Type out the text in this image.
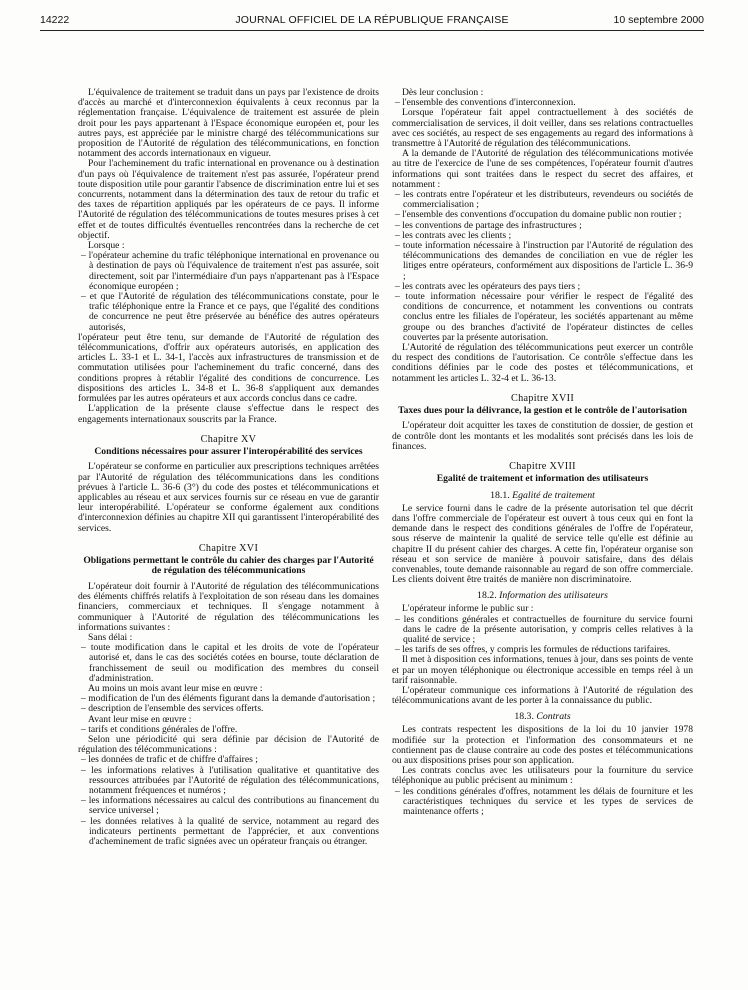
14222	JOURNAL OFFICIEL DE LA RÉPUBLIQUE FRANÇAISE	10 septembre 2000

L'équivalence de traitement se traduit dans un pays par l'existence de droits d'accès au marché et d'interconnexion équivalents à ceux reconnus par la réglementation française. L'équivalence de traitement est assurée de plein droit pour les pays appartenant à l'Espace économique européen et, pour les autres pays, est appréciée par le ministre chargé des télécommunications sur proposition de l'Autorité de régulation des télécommunications, en fonction notamment des accords internationaux en vigueur.

Pour l'acheminement du trafic international en provenance ou à destination d'un pays où l'équivalence de traitement n'est pas assurée, l'opérateur prend toute disposition utile pour garantir l'absence de discrimination entre lui et ses concurrents, notamment dans la détermination des taux de retour du trafic et des taxes de répartition appliqués par les opérateurs de ce pays. Il informe l'Autorité de régulation des télécommunications de toutes mesures prises à cet effet et de toutes difficultés éventuelles rencontrées dans la recherche de cet objectif.

Lorsque :

– l'opérateur achemine du trafic téléphonique international en provenance ou à destination de pays où l'équivalence de traitement n'est pas assurée, soit directement, soit par l'intermédiaire d'un pays n'appartenant pas à l'Espace économique européen ;
– et que l'Autorité de régulation des télécommunications constate, pour le trafic téléphonique entre la France et ce pays, que l'égalité des conditions de concurrence ne peut être préservée au bénéfice des autres opérateurs autorisés,

l'opérateur peut être tenu, sur demande de l'Autorité de régulation des télécommunications, d'offrir aux opérateurs autorisés, en application des articles L. 33-1 et L. 34-1, l'accès aux infrastructures de transmission et de commutation utilisées pour l'acheminement du trafic concerné, dans des conditions propres à rétablir l'égalité des conditions de concurrence. Les dispositions des articles L. 34-8 et L. 36-8 s'appliquent aux demandes formulées par les autres opérateurs et aux accords conclus dans ce cadre.

L'application de la présente clause s'effectue dans le respect des engagements internationaux souscrits par la France.

Chapitre XV
Conditions nécessaires pour assurer l'interopérabilité des services

L'opérateur se conforme en particulier aux prescriptions techniques arrêtées par l'Autorité de régulation des télécommunications dans les conditions prévues à l'article L. 36-6 (3°) du code des postes et télécommunications et applicables au réseau et aux services fournis sur ce réseau en vue de garantir leur interopérabilité. L'opérateur se conforme également aux conditions d'interconnexion définies au chapitre XII qui garantissent l'interopérabilité des services.

Chapitre XVI
Obligations permettant le contrôle du cahier des charges par l'Autorité de régulation des télécommunications

L'opérateur doit fournir à l'Autorité de régulation des télécommunications des éléments chiffrés relatifs à l'exploitation de son réseau dans les domaines financiers, commerciaux et techniques. Il s'engage notamment à communiquer à l'Autorité de régulation des télécommunications les informations suivantes :

Sans délai :

– toute modification dans le capital et les droits de vote de l'opérateur autorisé et, dans le cas des sociétés cotées en bourse, toute déclaration de franchissement de seuil ou modification des membres du conseil d'administration.

Au moins un mois avant leur mise en œuvre :

– modification de l'un des éléments figurant dans la demande d'autorisation ;
– description de l'ensemble des services offerts.

Avant leur mise en œuvre :

– tarifs et conditions générales de l'offre.

Selon une périodicité qui sera définie par décision de l'Autorité de régulation des télécommunications :

– les données de trafic et de chiffre d'affaires ;
– les informations relatives à l'utilisation qualitative et quantitative des ressources attribuées par l'Autorité de régulation des télécommunications, notamment fréquences et numéros ;
– les informations nécessaires au calcul des contributions au financement du service universel ;
– les données relatives à la qualité de service, notamment au regard des indicateurs pertinents permettant de l'apprécier, et aux conventions d'acheminement de trafic signées avec un opérateur français ou étranger.

Dès leur conclusion :

– l'ensemble des conventions d'interconnexion.

Lorsque l'opérateur fait appel contractuellement à des sociétés de commercialisation de services, il doit veiller, dans ses relations contractuelles avec ces sociétés, au respect de ses engagements au regard des informations à transmettre à l'Autorité de régulation des télécommunications.

A la demande de l'Autorité de régulation des télécommunications motivée au titre de l'exercice de l'une de ses compétences, l'opérateur fournit d'autres informations qui sont traitées dans le respect du secret des affaires, et notamment :

– les contrats entre l'opérateur et les distributeurs, revendeurs ou sociétés de commercialisation ;
– l'ensemble des conventions d'occupation du domaine public non routier ;
– les conventions de partage des infrastructures ;
– les contrats avec les clients ;
– toute information nécessaire à l'instruction par l'Autorité de régulation des télécommunications des demandes de conciliation en vue de régler les litiges entre opérateurs, conformément aux dispositions de l'article L. 36-9 ;
– les contrats avec les opérateurs des pays tiers ;
– toute information nécessaire pour vérifier le respect de l'égalité des conditions de concurrence, et notamment les conventions ou contrats conclus entre les filiales de l'opérateur, les sociétés appartenant au même groupe ou des branches d'activité de l'opérateur distinctes de celles couvertes par la présente autorisation.

L'Autorité de régulation des télécommunications peut exercer un contrôle du respect des conditions de l'autorisation. Ce contrôle s'effectue dans les conditions définies par le code des postes et télécommunications, et notamment les articles L. 32-4 et L. 36-13.

Chapitre XVII
Taxes dues pour la délivrance, la gestion et le contrôle de l'autorisation

L'opérateur doit acquitter les taxes de constitution de dossier, de gestion et de contrôle dont les montants et les modalités sont précisés dans les lois de finances.

Chapitre XVIII
Egalité de traitement et information des utilisateurs
18.1. Egalité de traitement

Le service fourni dans le cadre de la présente autorisation tel que décrit dans l'offre commerciale de l'opérateur est ouvert à tous ceux qui en font la demande dans le respect des conditions générales de l'offre de l'opérateur, sous réserve de maintenir la qualité de service telle qu'elle est définie au chapitre II du présent cahier des charges. A cette fin, l'opérateur organise son réseau et son service de manière à pouvoir satisfaire, dans des délais convenables, toute demande raisonnable au regard de son offre commerciale. Les clients doivent être traités de manière non discriminatoire.

18.2. Information des utilisateurs

L'opérateur informe le public sur :

– les conditions générales et contractuelles de fourniture du service fourni dans le cadre de la présente autorisation, y compris celles relatives à la qualité de service ;
– les tarifs de ses offres, y compris les formules de réductions tarifaires.

Il met à disposition ces informations, tenues à jour, dans ses points de vente et par un moyen téléphonique ou électronique accessible en temps réel à un tarif raisonnable.

L'opérateur communique ces informations à l'Autorité de régulation des télécommunications avant de les porter à la connaissance du public.

18.3. Contrats

Les contrats respectent les dispositions de la loi du 10 janvier 1978 modifiée sur la protection et l'information des consommateurs et ne contiennent pas de clause contraire au code des postes et télécommunications ou aux dispositions prises pour son application.

Les contrats conclus avec les utilisateurs pour la fourniture du service téléphonique au public précisent au minimum :

– les conditions générales d'offres, notamment les délais de fourniture et les caractéristiques techniques du service et les types de services de maintenance offerts ;
